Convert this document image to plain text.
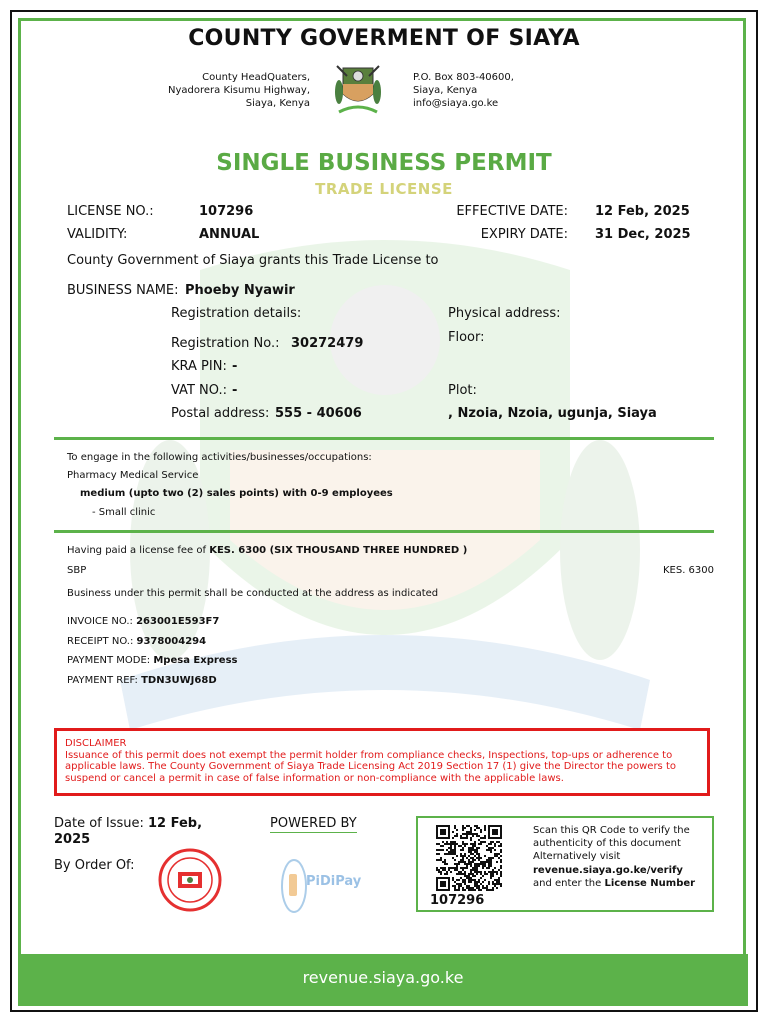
COUNTY GOVERMENT OF SIAYA
County HeadQuaters,
Nyadorera Kisumu Highway,
Siaya, Kenya
P.O. Box 803-40600,
Siaya, Kenya
info@siaya.go.ke
SINGLE BUSINESS PERMIT
TRADE LICENSE
LICENSE NO.:	107296
VALIDITY:	ANNUAL
EFFECTIVE DATE: 12 Feb, 2025
EXPIRY DATE: 31 Dec, 2025
County Government of Siaya grants this Trade License to
BUSINESS NAME: Phoeby Nyawir
Registration details:
Registration No.: 30272479
KRA PIN: -
VAT NO.: -
Postal address: 555 - 40606
Physical address:
Floor:
Plot:
, Nzoia, Nzoia, ugunja, Siaya
To engage in the following activities/businesses/occupations:
Pharmacy Medical Service
medium (upto two (2) sales points) with 0-9 employees
- Small clinic
Having paid a license fee of KES. 6300 (SIX THOUSAND THREE HUNDRED )
SBP	KES. 6300
Business under this permit shall be conducted at the address as indicated
INVOICE NO.: 263001E593F7
RECEIPT NO.: 9378004294
PAYMENT MODE: Mpesa Express
PAYMENT REF: TDN3UWJ68D
DISCLAIMER
Issuance of this permit does not exempt the permit holder from compliance checks, Inspections, top-ups or adherence to applicable laws. The County Government of Siaya Trade Licensing Act 2019 Section 17 (1) give the Director the powers to suspend or cancel a permit in case of false information or non-compliance with the applicable laws.
Date of Issue: 12 Feb,
2025
By Order Of:
POWERED BY
PiDiPay
107296
Scan this QR Code to verify the
authenticity of this document
Alternatively visit
revenue.siaya.go.ke/verify
and enter the License Number
revenue.siaya.go.ke
